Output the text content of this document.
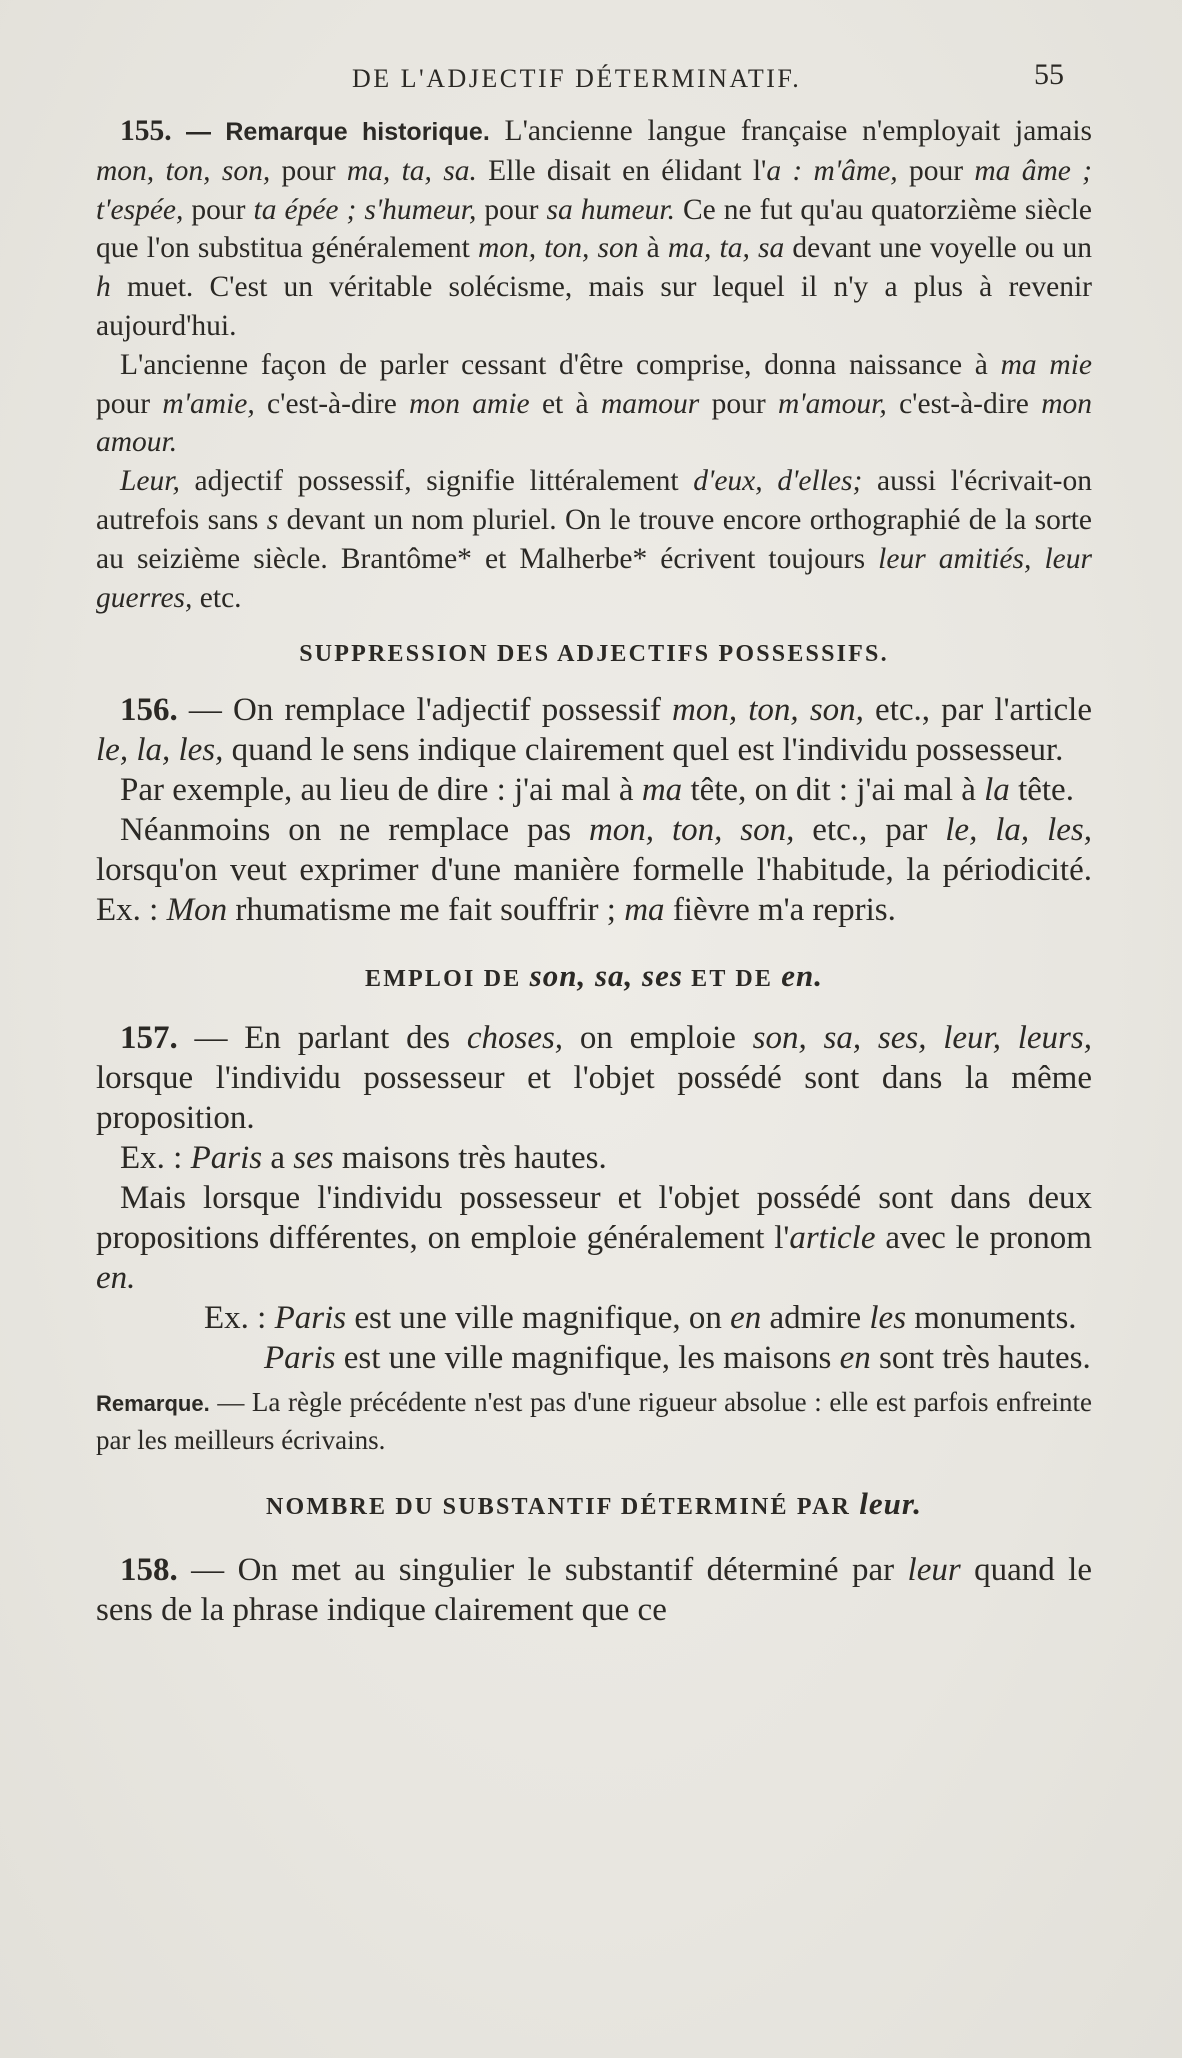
DE L'ADJECTIF DÉTERMINATIF.	55

155. — Remarque historique. L'ancienne langue française n'employait jamais mon, ton, son, pour ma, ta, sa. Elle disait en élidant l'a : m'âme, pour ma âme ; t'espée, pour ta épée ; s'humeur, pour sa humeur. Ce ne fut qu'au quatorzième siècle que l'on substitua généralement mon, ton, son à ma, ta, sa devant une voyelle ou un h muet. C'est un véritable solécisme, mais sur lequel il n'y a plus à revenir aujourd'hui.

L'ancienne façon de parler cessant d'être comprise, donna naissance à ma mie pour m'amie, c'est-à-dire mon amie et à mamour pour m'amour, c'est-à-dire mon amour.

Leur, adjectif possessif, signifie littéralement d'eux, d'elles; aussi l'écrivait-on autrefois sans s devant un nom pluriel. On le trouve encore orthographié de la sorte au seizième siècle. Brantôme* et Malherbe* écrivent toujours leur amitiés, leur guerres, etc.

SUPPRESSION DES ADJECTIFS POSSESSIFS.

156. — On remplace l'adjectif possessif mon, ton, son, etc., par l'article le, la, les, quand le sens indique clairement quel est l'individu possesseur.

Par exemple, au lieu de dire : j'ai mal à ma tête, on dit : j'ai mal à la tête.

Néanmoins on ne remplace pas mon, ton, son, etc., par le, la, les, lorsqu'on veut exprimer d'une manière formelle l'habitude, la périodicité. Ex. : Mon rhumatisme me fait souffrir ; ma fièvre m'a repris.

EMPLOI DE son, sa, ses ET DE en.

157. — En parlant des choses, on emploie son, sa, ses, leur, leurs, lorsque l'individu possesseur et l'objet possédé sont dans la même proposition.

Ex. : Paris a ses maisons très hautes.

Mais lorsque l'individu possesseur et l'objet possédé sont dans deux propositions différentes, on emploie généralement l'article avec le pronom en.

Ex. : Paris est une ville magnifique, on en admire les monuments.

Paris est une ville magnifique, les maisons en sont très hautes.

Remarque. — La règle précédente n'est pas d'une rigueur absolue : elle est parfois enfreinte par les meilleurs écrivains.

NOMBRE DU SUBSTANTIF DÉTERMINÉ PAR leur.

158. — On met au singulier le substantif déterminé par leur quand le sens de la phrase indique clairement que ce
